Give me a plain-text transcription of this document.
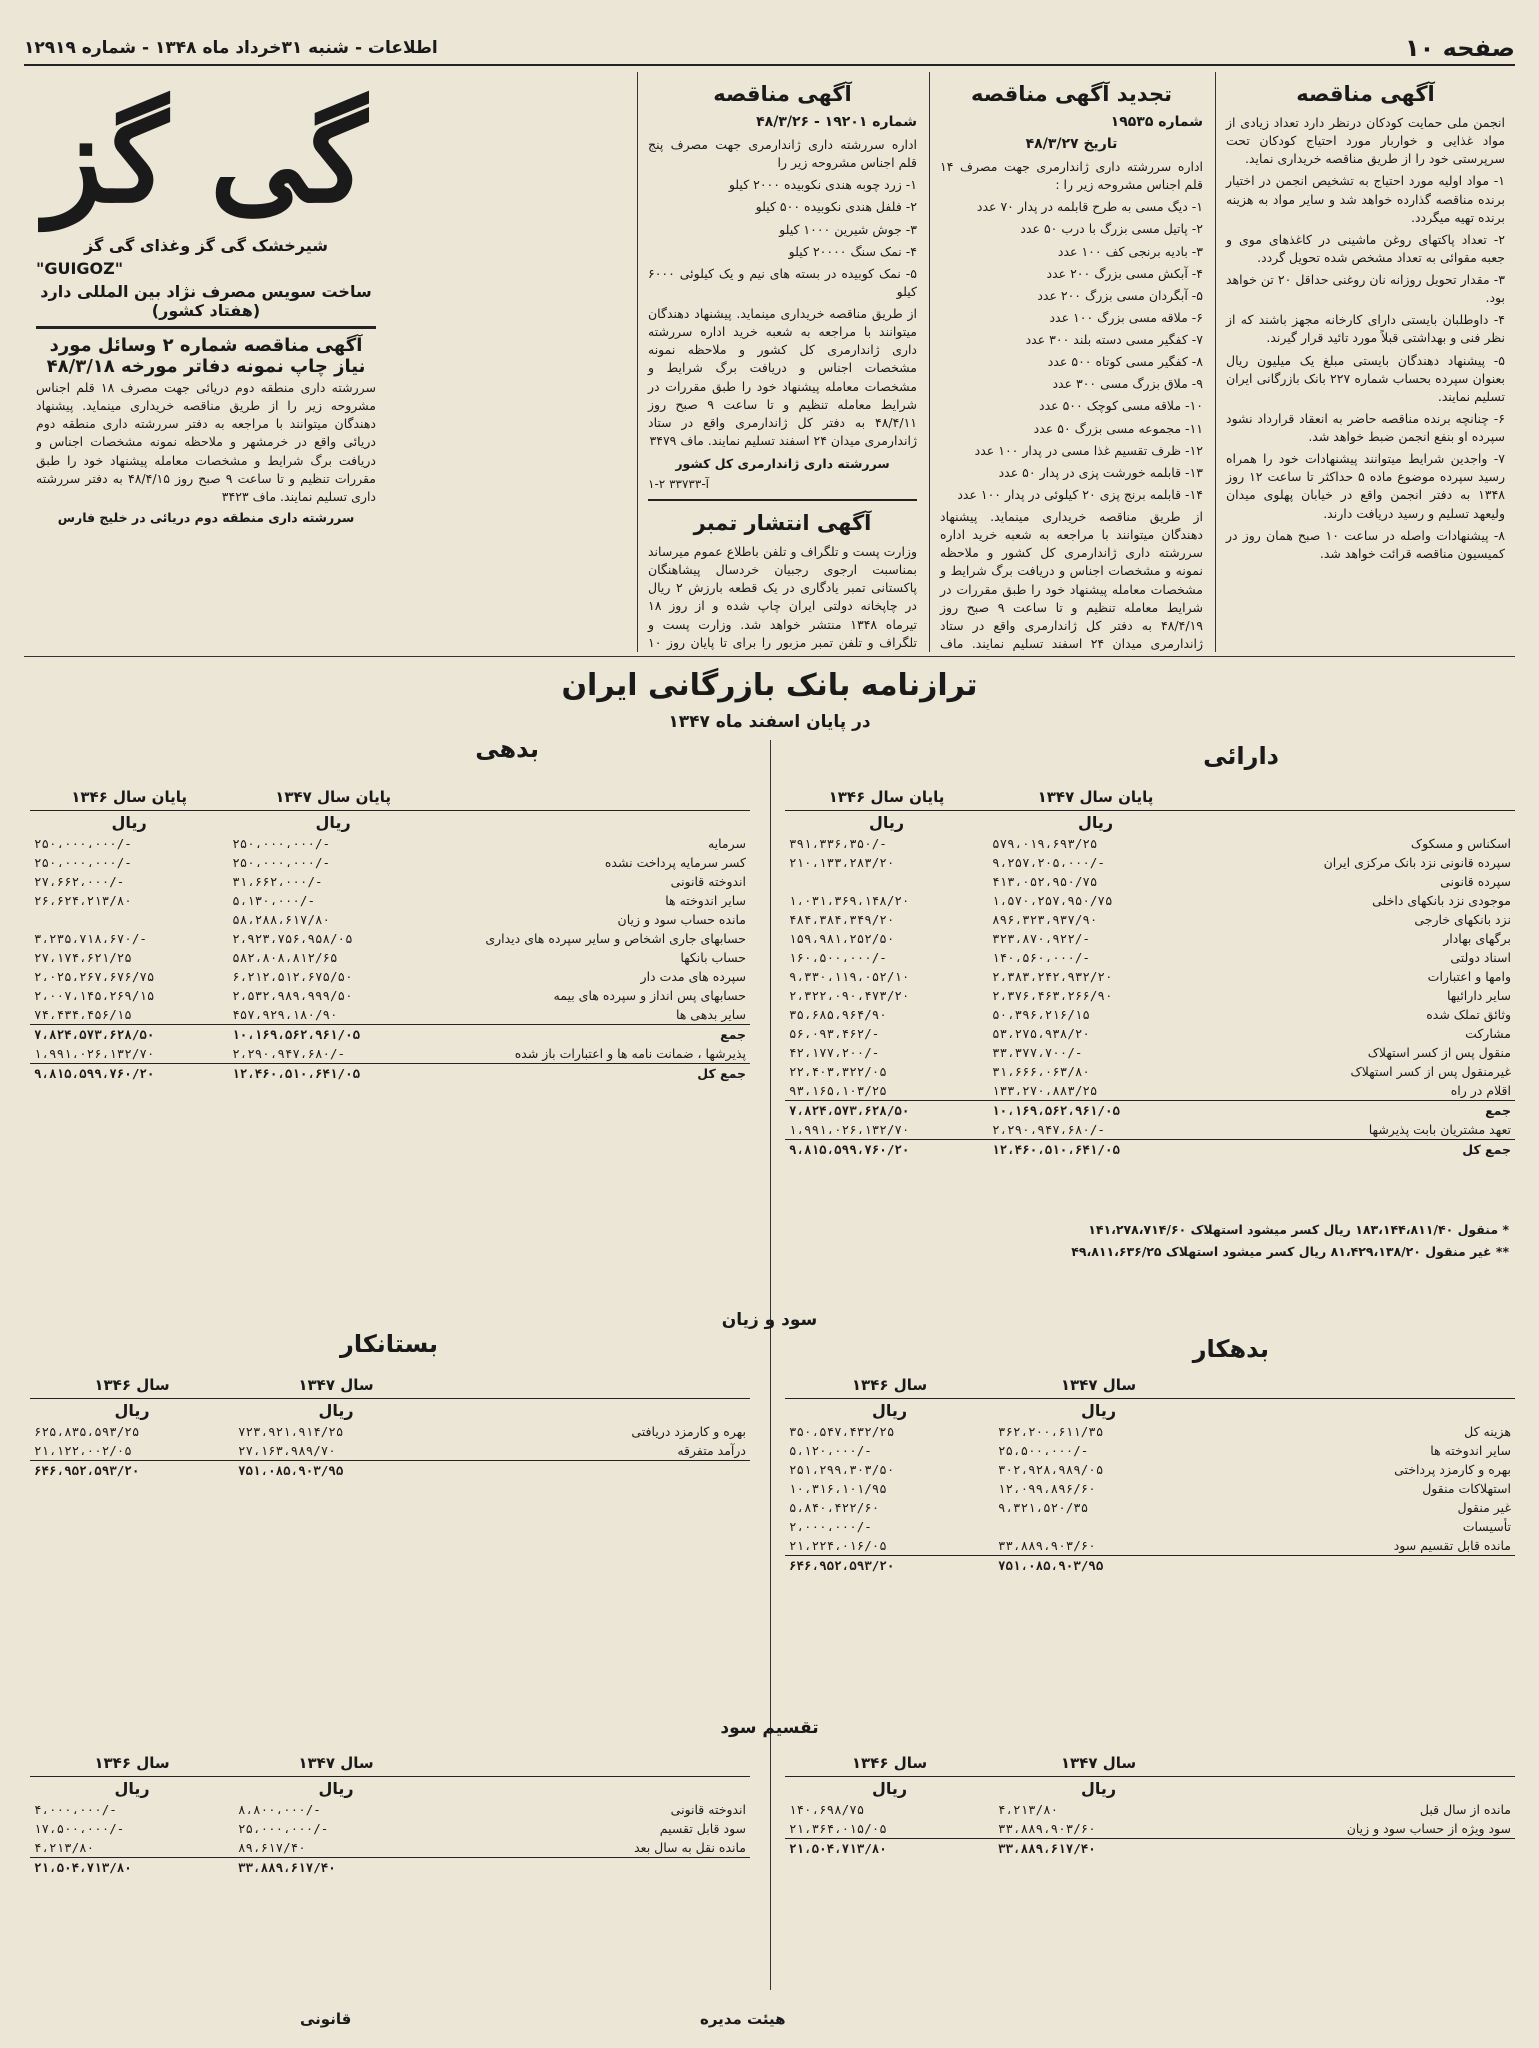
صفحه ۱۰
اطلاعات - شنبه ۳۱خرداد ماه ۱۳۴۸ - شماره ۱۲۹۱۹
آگهی مناقصه

انجمن ملی حمایت کودکان درنظر دارد تعداد زیادی از مواد غذایی و خواربار مورد احتیاج کودکان تحت سرپرستی خود را از طریق مناقصه خریداری نماید.

۱- مواد اولیه مورد احتیاج به تشخیص انجمن در اختیار برنده مناقصه گذارده خواهد شد و سایر مواد به هزینه برنده تهیه میگردد.

۲- تعداد پاکتهای روغن ماشینی در کاغذهای موی و جعبه مقوائی به تعداد مشخص شده تحویل گردد.

۳- مقدار تحویل روزانه نان روغنی حداقل ۲۰ تن خواهد بود.

۴- داوطلبان بایستی دارای کارخانه مجهز باشند که از نظر فنی و بهداشتی قبلاً مورد تائید قرار گیرند.

۵- پیشنهاد دهندگان بایستی مبلغ یک میلیون ریال بعنوان سپرده بحساب شماره ۲۲۷ بانک بازرگانی ایران تسلیم نمایند.

۶- چنانچه برنده مناقصه حاضر به انعقاد قرارداد نشود سپرده او بنفع انجمن ضبط خواهد شد.

۷- واجدین شرایط میتوانند پیشنهادات خود را همراه رسید سپرده موضوع ماده ۵ حداکثر تا ساعت ۱۲ روز ۱۳۴۸ به دفتر انجمن واقع در خیابان پهلوی میدان ولیعهد تسلیم و رسید دریافت دارند.

۸- پیشنهادات واصله در ساعت ۱۰ صبح همان روز در کمیسیون مناقصه قرائت خواهد شد.

تجدید آگهی مناقصه
شماره ۱۹۵۳۵
تاریخ ۴۸/۳/۲۷

اداره سررشته داری ژاندارمری جهت مصرف ۱۴ قلم اجناس مشروحه زیر را :

۱- دیگ مسی به طرح قابلمه در پدار ۷۰ عدد

۲- پاتیل مسی بزرگ با درب ۵۰ عدد

۳- بادیه برنجی کف ۱۰۰ عدد

۴- آبکش مسی بزرگ ۲۰۰ عدد

۵- آبگردان مسی بزرگ ۲۰۰ عدد

۶- ملاقه مسی بزرگ ۱۰۰ عدد

۷- کفگیر مسی دسته بلند ۳۰۰ عدد

۸- کفگیر مسی کوتاه ۵۰۰ عدد

۹- ملاق بزرگ مسی ۳۰۰ عدد

۱۰- ملاقه مسی کوچک ۵۰۰ عدد

۱۱- مجموعه مسی بزرگ ۵۰ عدد

۱۲- ظرف تقسیم غذا مسی در پدار ۱۰۰ عدد

۱۳- قابلمه خورشت پزی در پدار ۵۰ عدد

۱۴- قابلمه برنج پزی ۲۰ کیلوئی در پدار ۱۰۰ عدد

از طریق مناقصه خریداری مینماید. پیشنهاد دهندگان میتوانند با مراجعه به شعبه خرید اداره سررشته داری ژاندارمری کل کشور و ملاحظه نمونه و مشخصات اجناس و دریافت برگ شرایط و مشخصات معامله پیشنهاد خود را طبق مقررات در شرایط معامله تنظیم و تا ساعت ۹ صبح روز ۴۸/۴/۱۹ به دفتر کل ژاندارمری واقع در ستاد ژاندارمری میدان ۲۴ اسفند تسلیم نمایند. ماف

آگهی مناقصه
شماره ۱۹۲۰۱ - ۴۸/۳/۲۶

اداره سررشته داری ژاندارمری جهت مصرف پنج قلم اجناس مشروحه زیر را

۱- زرد چوبه هندی نکوبیده ۲۰۰۰ کیلو

۲- فلفل هندی نکوبیده ۵۰۰ کیلو

۳- جوش شیرین ۱۰۰۰ کیلو

۴- نمک سنگ ۲۰۰۰۰ کیلو

۵- نمک کوبیده در بسته های نیم و یک کیلوئی ۶۰۰۰ کیلو

از طریق مناقصه خریداری مینماید. پیشنهاد دهندگان میتوانند با مراجعه به شعبه خرید اداره سررشته داری ژاندارمری کل کشور و ملاحظه نمونه مشخصات اجناس و دریافت برگ شرایط و مشخصات معامله پیشنهاد خود را طبق مقررات در شرایط معامله تنظیم و تا ساعت ۹ صبح روز ۴۸/۴/۱۱ به دفتر کل ژاندارمری واقع در ستاد ژاندارمری میدان ۲۴ اسفند تسلیم نمایند. ماف ۳۴۷۹

سررشته داری ژاندارمری کل کشور
آ-۳۳۷۳۳ ۲-۱
آگهی انتشار تمبر

وزارت پست و تلگراف و تلفن باطلاع عموم میرساند بمناسبت ارجوی رجبیان خردسال پیشاهنگان پاکستانی تمبر یادگاری در یک قطعه بارزش ۲ ریال در چاپخانه دولتی ایران چاپ شده و از روز ۱۸ تیرماه ۱۳۴۸ منتشر خواهد شد. وزارت پست و تلگراف و تلفن تمبر مزبور را برای تا پایان روز ۱۰

گی گز
شیرخشک گی گز وغذای گی گز
"GUIGOZ"
ساخت سویس مصرف نژاد بین المللی دارد (هفتاد کشور)
آگهی مناقصه شماره ۲ وسائل مورد نیاز چاپ نمونه دفاتر مورخه ۴۸/۳/۱۸

سررشته داری منطقه دوم دریائی جهت مصرف ۱۸ قلم اجناس مشروحه زیر را از طریق مناقصه خریداری مینماید. پیشنهاد دهندگان میتوانند با مراجعه به دفتر سررشته داری منطقه دوم دریائی واقع در خرمشهر و ملاحظه نمونه مشخصات اجناس و دریافت برگ شرایط و مشخصات معامله پیشنهاد خود را طبق مقررات تنظیم و تا ساعت ۹ صبح روز ۴۸/۴/۱۵ به دفتر سررشته داری تسلیم نمایند. ماف ۳۴۲۳

سررشته داری منطقه دوم دریائی در خلیج فارس
ترازنامه بانک بازرگانی ایران
در پایان اسفند ماه ۱۳۴۷
دارائی
بدهی
	پایان سال ۱۳۴۷	پایان سال ۱۳۴۶
	ریال	ریال
اسکناس و مسکوک	۵۷۹،۰۱۹،۶۹۳/۲۵	۳۹۱،۳۳۶،۳۵۰/-
سپرده قانونی نزد بانک مرکزی ایران	۹،۲۵۷،۲۰۵،۰۰۰/-	۲۱۰،۱۳۳،۲۸۳/۲۰
سپرده قانونی	۴۱۳،۰۵۲،۹۵۰/۷۵	
موجودی نزد بانکهای داخلی	۱،۵۷۰،۲۵۷،۹۵۰/۷۵	۱،۰۳۱،۳۶۹،۱۴۸/۲۰
نزد بانکهای خارجی	۸۹۶،۳۲۳،۹۳۷/۹۰	۴۸۴،۳۸۴،۳۴۹/۲۰
برگهای بهادار	۳۲۳،۸۷۰،۹۲۲/-	۱۵۹،۹۸۱،۲۵۲/۵۰
اسناد دولتی	۱۴۰،۵۶۰،۰۰۰/-	۱۶۰،۵۰۰،۰۰۰/-
وامها و اعتبارات	۲،۳۸۳،۲۴۲،۹۳۲/۲۰	۹،۳۳۰،۱۱۹،۰۵۲/۱۰
سایر دارائیها	۲،۳۷۶،۴۶۳،۲۶۶/۹۰	۲،۳۲۲،۰۹۰،۴۷۳/۲۰
وثائق تملک شده	۵۰،۳۹۶،۲۱۶/۱۵	۳۵،۶۸۵،۹۶۴/۹۰
مشارکت	۵۳،۲۷۵،۹۳۸/۲۰	۵۶،۰۹۳،۴۶۲/-
منقول پس از کسر استهلاک	۳۳،۳۷۷،۷۰۰/-	۴۲،۱۷۷،۲۰۰/-
غیرمنقول پس از کسر استهلاک	۳۱،۶۶۶،۰۶۳/۸۰	۲۲،۴۰۳،۳۲۲/۰۵
اقلام در راه	۱۳۳،۲۷۰،۸۸۳/۲۵	۹۳،۱۶۵،۱۰۳/۲۵
جمع	۱۰،۱۶۹،۵۶۲،۹۶۱/۰۵	۷،۸۲۴،۵۷۳،۶۲۸/۵۰
تعهد مشتریان بابت پذیرشها	۲،۲۹۰،۹۴۷،۶۸۰/-	۱،۹۹۱،۰۲۶،۱۳۲/۷۰
جمع کل	۱۲،۴۶۰،۵۱۰،۶۴۱/۰۵	۹،۸۱۵،۵۹۹،۷۶۰/۲۰
* منقول ۱۸۳،۱۴۴،۸۱۱/۴۰ ریال کسر میشود استهلاک ۱۴۱،۲۷۸،۷۱۴/۶۰
** غیر منقول ۸۱،۴۲۹،۱۳۸/۲۰ ریال کسر میشود استهلاک ۴۹،۸۱۱،۶۳۶/۲۵
	پایان سال ۱۳۴۷	پایان سال ۱۳۴۶
	ریال	ریال
سرمایه	۲۵۰،۰۰۰،۰۰۰/-	۲۵۰،۰۰۰،۰۰۰/-
کسر سرمایه پرداخت نشده	۲۵۰،۰۰۰،۰۰۰/-	۲۵۰،۰۰۰،۰۰۰/-
اندوخته قانونی	۳۱،۶۶۲،۰۰۰/-	۲۷،۶۶۲،۰۰۰/-
سایر اندوخته ها	۵،۱۳۰،۰۰۰/-	۲۶،۶۲۴،۲۱۳/۸۰
مانده حساب سود و زیان	۵۸،۲۸۸،۶۱۷/۸۰	
حسابهای جاری اشخاص و سایر سپرده های دیداری	۲،۹۲۳،۷۵۶،۹۵۸/۰۵	۳،۲۳۵،۷۱۸،۶۷۰/-
حساب بانکها	۵۸۲،۸۰۸،۸۱۲/۶۵	۲۷،۱۷۴،۶۲۱/۲۵
سپرده های مدت دار	۶،۲۱۲،۵۱۲،۶۷۵/۵۰	۲،۰۲۵،۲۶۷،۶۷۶/۷۵
حسابهای پس انداز و سپرده های بیمه	۲،۵۳۲،۹۸۹،۹۹۹/۵۰	۲،۰۰۷،۱۴۵،۲۶۹/۱۵
سایر بدهی ها	۴۵۷،۹۲۹،۱۸۰/۹۰	۷۴،۴۳۴،۴۵۶/۱۵
جمع	۱۰،۱۶۹،۵۶۲،۹۶۱/۰۵	۷،۸۲۴،۵۷۳،۶۲۸/۵۰
پذیرشها ، ضمانت نامه ها و اعتبارات باز شده	۲،۲۹۰،۹۴۷،۶۸۰/-	۱،۹۹۱،۰۲۶،۱۳۲/۷۰
جمع کل	۱۲،۴۶۰،۵۱۰،۶۴۱/۰۵	۹،۸۱۵،۵۹۹،۷۶۰/۲۰
سود و زیان
بدهکار
بستانکار
	سال ۱۳۴۷	سال ۱۳۴۶
	ریال	ریال
هزینه کل	۳۶۲،۲۰۰،۶۱۱/۳۵	۳۵۰،۵۴۷،۴۳۲/۲۵
سایر اندوخته ها	۲۵،۵۰۰،۰۰۰/-	۵،۱۲۰،۰۰۰/-
بهره و کارمزد پرداختی	۳۰۲،۹۲۸،۹۸۹/۰۵	۲۵۱،۲۹۹،۳۰۳/۵۰
استهلاکات منقول	۱۲،۰۹۹،۸۹۶/۶۰	۱۰،۳۱۶،۱۰۱/۹۵
غیر منقول	۹،۳۲۱،۵۲۰/۳۵	۵،۸۴۰،۴۲۲/۶۰
تأسیسات		۲،۰۰۰،۰۰۰/-
مانده قابل تقسیم سود	۳۳،۸۸۹،۹۰۳/۶۰	۲۱،۲۲۴،۰۱۶/۰۵
	۷۵۱،۰۸۵،۹۰۳/۹۵	۶۴۶،۹۵۲،۵۹۳/۲۰
	سال ۱۳۴۷	سال ۱۳۴۶
	ریال	ریال
بهره و کارمزد دریافتی	۷۲۳،۹۲۱،۹۱۴/۲۵	۶۲۵،۸۳۵،۵۹۳/۲۵
درآمد متفرقه	۲۷،۱۶۳،۹۸۹/۷۰	۲۱،۱۲۲،۰۰۲/۰۵
	۷۵۱،۰۸۵،۹۰۳/۹۵	۶۴۶،۹۵۲،۵۹۳/۲۰
تقسیم سود
	سال ۱۳۴۷	سال ۱۳۴۶
	ریال	ریال
مانده از سال قبل	۴،۲۱۳/۸۰	۱۴۰،۶۹۸/۷۵
سود ویژه از حساب سود و زیان	۳۳،۸۸۹،۹۰۳/۶۰	۲۱،۳۶۴،۰۱۵/۰۵
	۳۳،۸۸۹،۶۱۷/۴۰	۲۱،۵۰۴،۷۱۳/۸۰
	سال ۱۳۴۷	سال ۱۳۴۶
	ریال	ریال
اندوخته قانونی	۸،۸۰۰،۰۰۰/-	۴،۰۰۰،۰۰۰/-
سود قابل تقسیم	۲۵،۰۰۰،۰۰۰/-	۱۷،۵۰۰،۰۰۰/-
مانده نقل به سال بعد	۸۹،۶۱۷/۴۰	۴،۲۱۳/۸۰
	۳۳،۸۸۹،۶۱۷/۴۰	۲۱،۵۰۴،۷۱۳/۸۰
هیئت مدیره
قانونی
